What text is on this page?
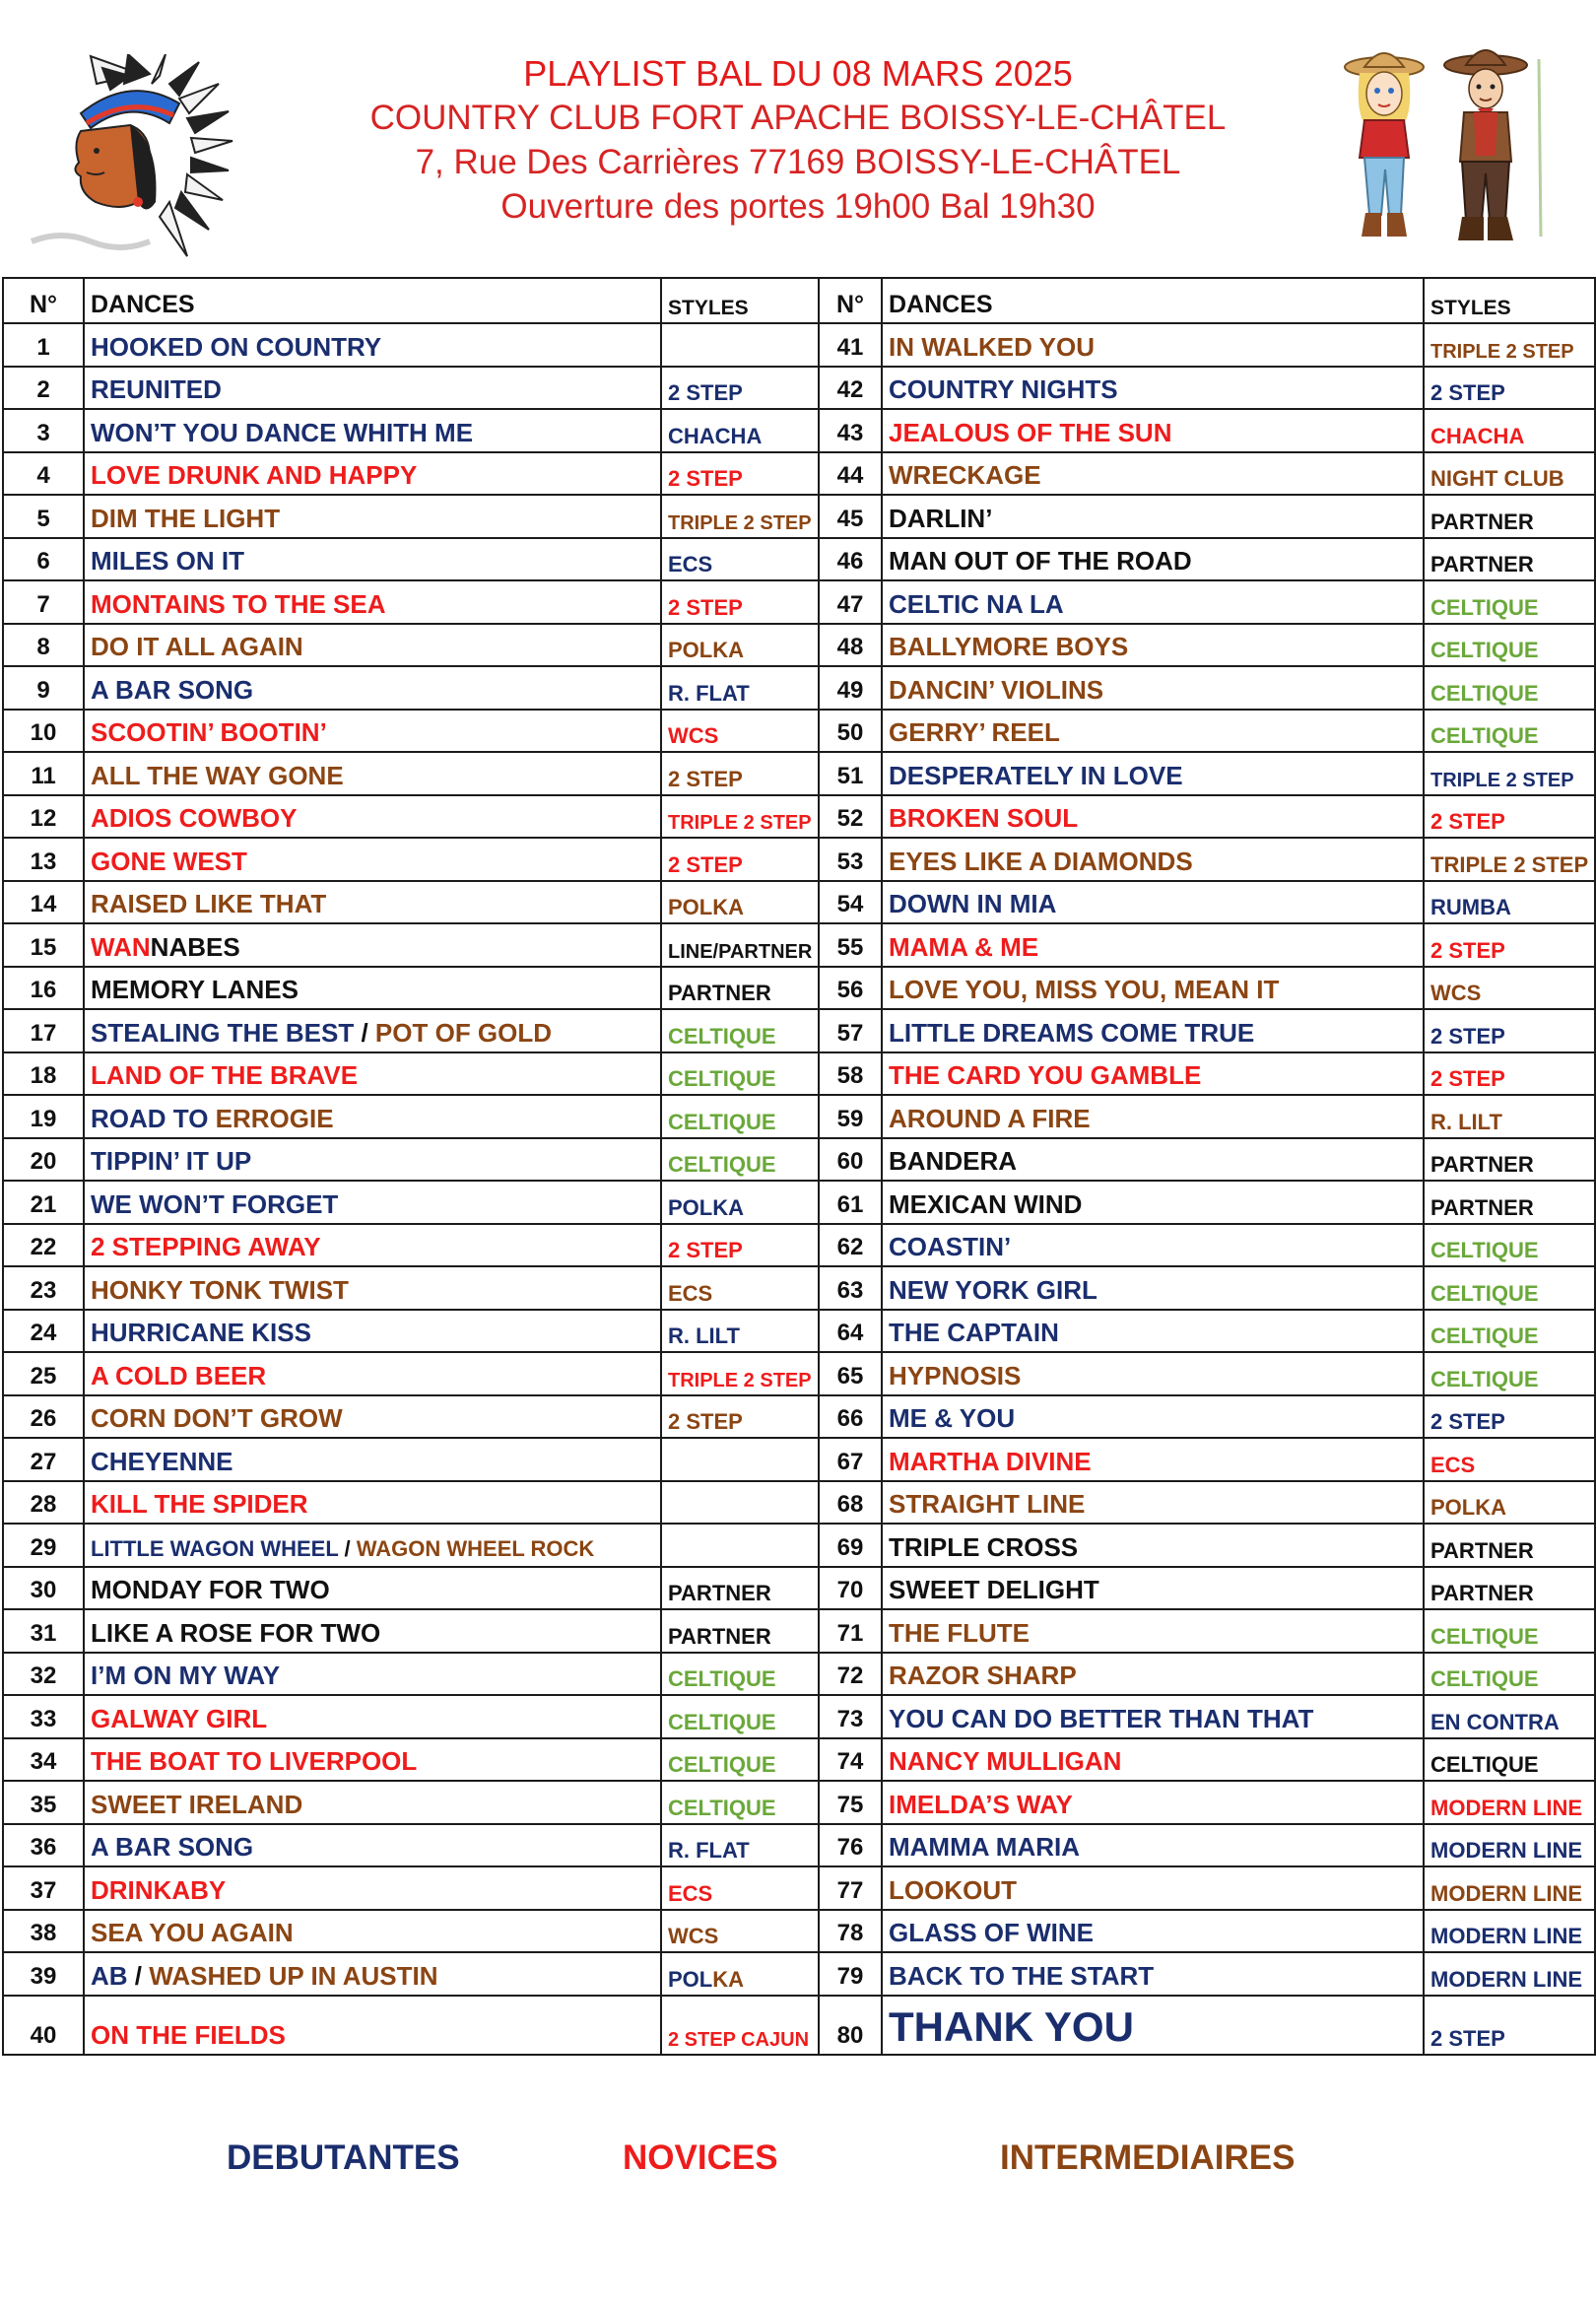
PLAYLIST BAL DU 08 MARS 2025
COUNTRY CLUB FORT APACHE BOISSY-LE-CHÂTEL
7, Rue Des Carrières 77169 BOISSY-LE-CHÂTEL
Ouverture des portes 19h00 Bal 19h30
N°	DANCES	STYLES	N°	DANCES	STYLES
1	HOOKED ON COUNTRY		41	IN WALKED YOU	TRIPLE 2 STEP
2	REUNITED	2 STEP	42	COUNTRY NIGHTS	2 STEP
3	WON’T YOU DANCE WHITH ME	CHACHA	43	JEALOUS OF THE SUN	CHACHA
4	LOVE DRUNK AND HAPPY	2 STEP	44	WRECKAGE	NIGHT CLUB
5	DIM THE LIGHT	TRIPLE 2 STEP	45	DARLIN’	PARTNER
6	MILES ON IT	ECS	46	MAN OUT OF THE ROAD	PARTNER
7	MONTAINS TO THE SEA	2 STEP	47	CELTIC NA LA	CELTIQUE
8	DO IT ALL AGAIN	POLKA	48	BALLYMORE BOYS	CELTIQUE
9	A BAR SONG	R. FLAT	49	DANCIN’ VIOLINS	CELTIQUE
10	SCOOTIN’ BOOTIN’	WCS	50	GERRY’ REEL	CELTIQUE
11	ALL THE WAY GONE	2 STEP	51	DESPERATELY IN LOVE	TRIPLE 2 STEP
12	ADIOS COWBOY	TRIPLE 2 STEP	52	BROKEN SOUL	2 STEP
13	GONE WEST	2 STEP	53	EYES LIKE A DIAMONDS	TRIPLE 2 STEP
14	RAISED LIKE THAT	POLKA	54	DOWN IN MIA	RUMBA
15	WANNABES	LINE/PARTNER	55	MAMA & ME	2 STEP
16	MEMORY LANES	PARTNER	56	LOVE YOU, MISS YOU, MEAN IT	WCS
17	STEALING THE BEST / POT OF GOLD	CELTIQUE	57	LITTLE DREAMS COME TRUE	2 STEP
18	LAND OF THE BRAVE	CELTIQUE	58	THE CARD YOU GAMBLE	2 STEP
19	ROAD TO ERROGIE	CELTIQUE	59	AROUND A FIRE	R. LILT
20	TIPPIN’ IT UP	CELTIQUE	60	BANDERA	PARTNER
21	WE WON’T FORGET	POLKA	61	MEXICAN WIND	PARTNER
22	2 STEPPING AWAY	2 STEP	62	COASTIN’	CELTIQUE
23	HONKY TONK TWIST	ECS	63	NEW YORK GIRL	CELTIQUE
24	HURRICANE KISS	R. LILT	64	THE CAPTAIN	CELTIQUE
25	A COLD BEER	TRIPLE 2 STEP	65	HYPNOSIS	CELTIQUE
26	CORN DON’T GROW	2 STEP	66	ME & YOU	2 STEP
27	CHEYENNE		67	MARTHA DIVINE	ECS
28	KILL THE SPIDER		68	STRAIGHT LINE	POLKA
29	LITTLE WAGON WHEEL / WAGON WHEEL ROCK		69	TRIPLE CROSS	PARTNER
30	MONDAY FOR TWO	PARTNER	70	SWEET DELIGHT	PARTNER
31	LIKE A ROSE FOR TWO	PARTNER	71	THE FLUTE	CELTIQUE
32	I’M ON MY WAY	CELTIQUE	72	RAZOR SHARP	CELTIQUE
33	GALWAY GIRL	CELTIQUE	73	YOU CAN DO BETTER THAN THAT	EN CONTRA
34	THE BOAT TO LIVERPOOL	CELTIQUE	74	NANCY MULLIGAN	CELTIQUE
35	SWEET IRELAND	CELTIQUE	75	IMELDA’S WAY	MODERN LINE
36	A BAR SONG	R. FLAT	76	MAMMA MARIA	MODERN LINE
37	DRINKABY	ECS	77	LOOKOUT	MODERN LINE
38	SEA YOU AGAIN	WCS	78	GLASS OF WINE	MODERN LINE
39	AB / WASHED UP IN AUSTIN	POLKA	79	BACK TO THE START	MODERN LINE
40	ON THE FIELDS	2 STEP CAJUN	80	THANK YOU	2 STEP
DEBUTANTES	NOVICES	INTERMEDIAIRES
